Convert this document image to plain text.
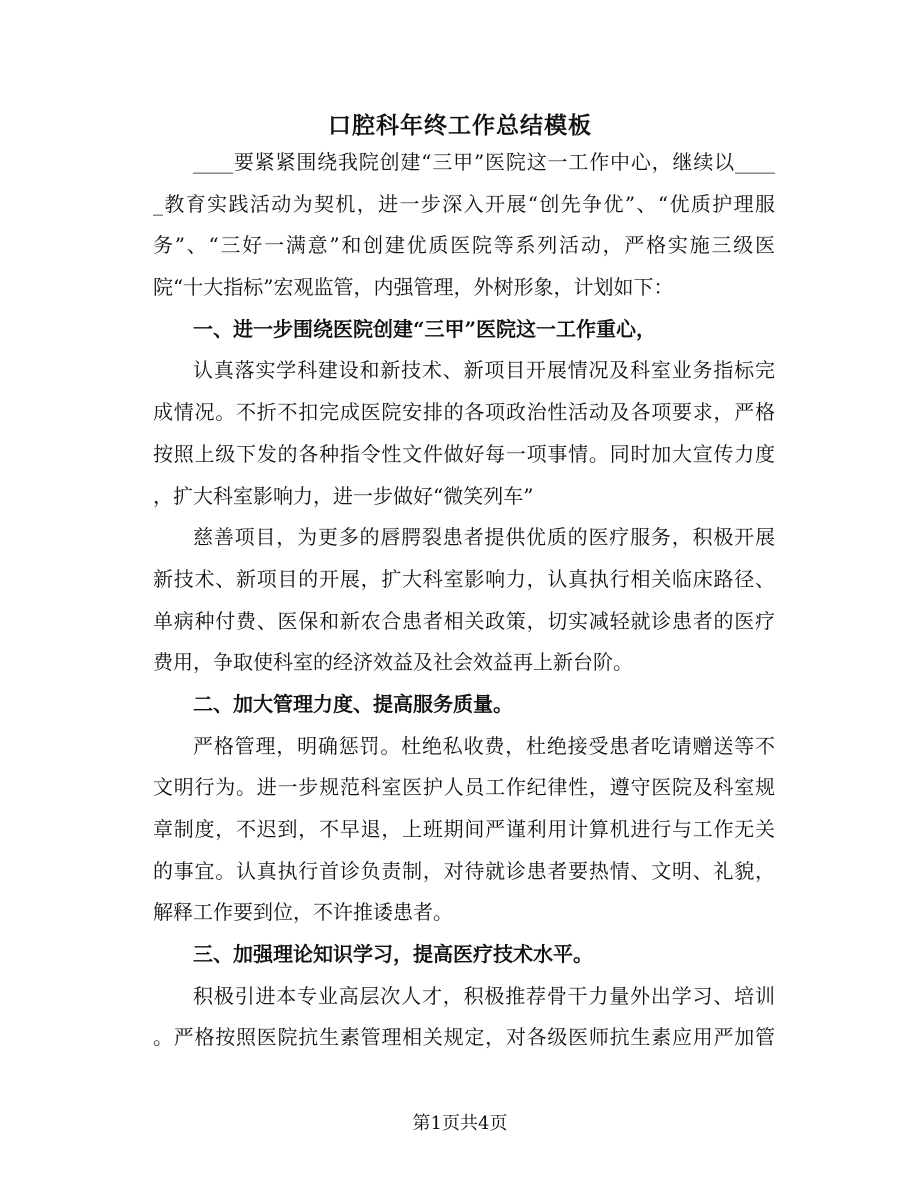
口腔科年终工作总结模板
____要紧紧围绕我院创建“三甲”医院这一工作中心，继续以____
_教育实践活动为契机，进一步深入开展“创先争优”、“优质护理服
务”、“三好一满意”和创建优质医院等系列活动，严格实施三级医
院“十大指标”宏观监管，内强管理，外树形象，计划如下：
一、进一步围绕医院创建“三甲”医院这一工作重心，
认真落实学科建设和新技术、新项目开展情况及科室业务指标完
成情况。不折不扣完成医院安排的各项政治性活动及各项要求，严格
按照上级下发的各种指令性文件做好每一项事情。同时加大宣传力度
，扩大科室影响力，进一步做好“微笑列车”
慈善项目，为更多的唇腭裂患者提供优质的医疗服务，积极开展
新技术、新项目的开展，扩大科室影响力，认真执行相关临床路径、
单病种付费、医保和新农合患者相关政策，切实减轻就诊患者的医疗
费用，争取使科室的经济效益及社会效益再上新台阶。
二、加大管理力度、提高服务质量。
严格管理，明确惩罚。杜绝私收费，杜绝接受患者吃请赠送等不
文明行为。进一步规范科室医护人员工作纪律性，遵守医院及科室规
章制度，不迟到，不早退，上班期间严谨利用计算机进行与工作无关
的事宜。认真执行首诊负责制，对待就诊患者要热情、文明、礼貌，
解释工作要到位，不许推诿患者。
三、加强理论知识学习，提高医疗技术水平。
积极引进本专业高层次人才，积极推荐骨干力量外出学习、培训
。严格按照医院抗生素管理相关规定，对各级医师抗生素应用严加管
第1页共4页
